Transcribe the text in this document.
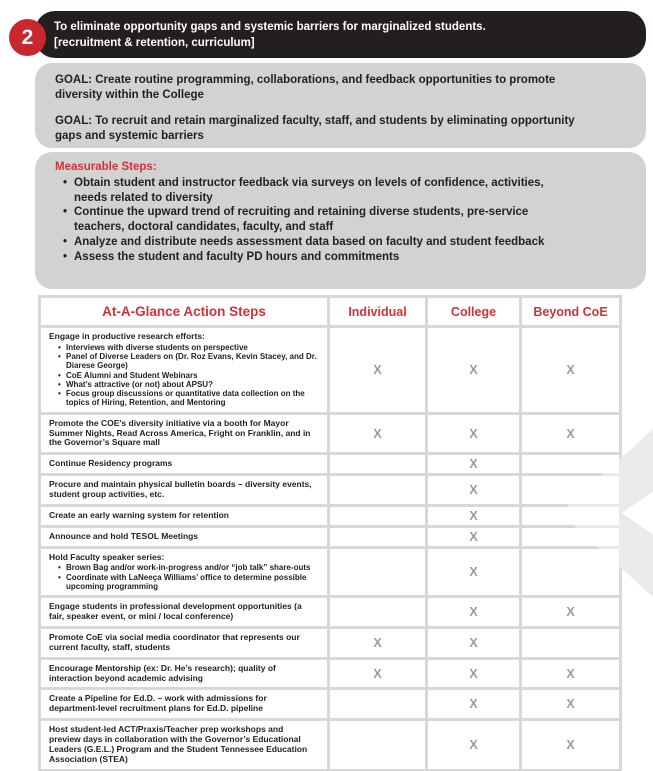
To eliminate opportunity gaps and systemic barriers for marginalized students.
[recruitment & retention, curriculum]
2

GOAL: Create routine programming, collaborations, and feedback opportunities to promote diversity within the College

GOAL: To recruit and retain marginalized faculty, staff, and students by eliminating opportunity gaps and systemic barriers

Measurable Steps:
• Obtain student and instructor feedback via surveys on levels of confidence, activities, needs related to diversity
• Continue the upward trend of recruiting and retaining diverse students, pre-service teachers, doctoral candidates, faculty, and staff
• Analyze and distribute needs assessment data based on faculty and student feedback
• Assess the student and faculty PD hours and commitments
At-A-Glance Action Steps	Individual	College	Beyond CoE

Engage in productive research efforts:
• Interviews with diverse students on perspective
• Panel of Diverse Leaders on (Dr. Roz Evans, Kevin Stacey, and Dr. Diarese George)
• CoE Alumni and Student Webinars
• What’s attractive (or not) about APSU?
• Focus group discussions or quantitative data collection on the topics of Hiring, Retention, and Mentoring
	X	X	X

Promote the COE’s diversity initiative via a booth for Mayor Summer Nights, Read Across America, Fright on Franklin, and in the Governor’s Square mall	X	X	X

Continue Residency programs		X	

Procure and maintain physical bulletin boards – diversity events, student group activities, etc.		X	

Create an early warning system for retention		X	

Announce and hold TESOL Meetings		X	

Hold Faculty speaker series:
• Brown Bag and/or work-in-progress and/or “job talk” share-outs
• Coordinate with LaNeeça Williams’ office to determine possible upcoming programming
		X	

Engage students in professional development opportunities (a fair, speaker event, or mini / local conference)		X	X

Promote CoE via social media coordinator that represents our current faculty, staff, students	X	X	

Encourage Mentorship (ex: Dr. He’s research); quality of interaction beyond academic advising	X	X	X

Create a Pipeline for Ed.D. – work with admissions for department-level recruitment plans for Ed.D. pipeline		X	X

Host student-led ACT/Praxis/Teacher prep workshops and preview days in collaboration with the Governor’s Educational Leaders (G.E.L.) Program and the Student Tennessee Education Association (STEA)		X	X
